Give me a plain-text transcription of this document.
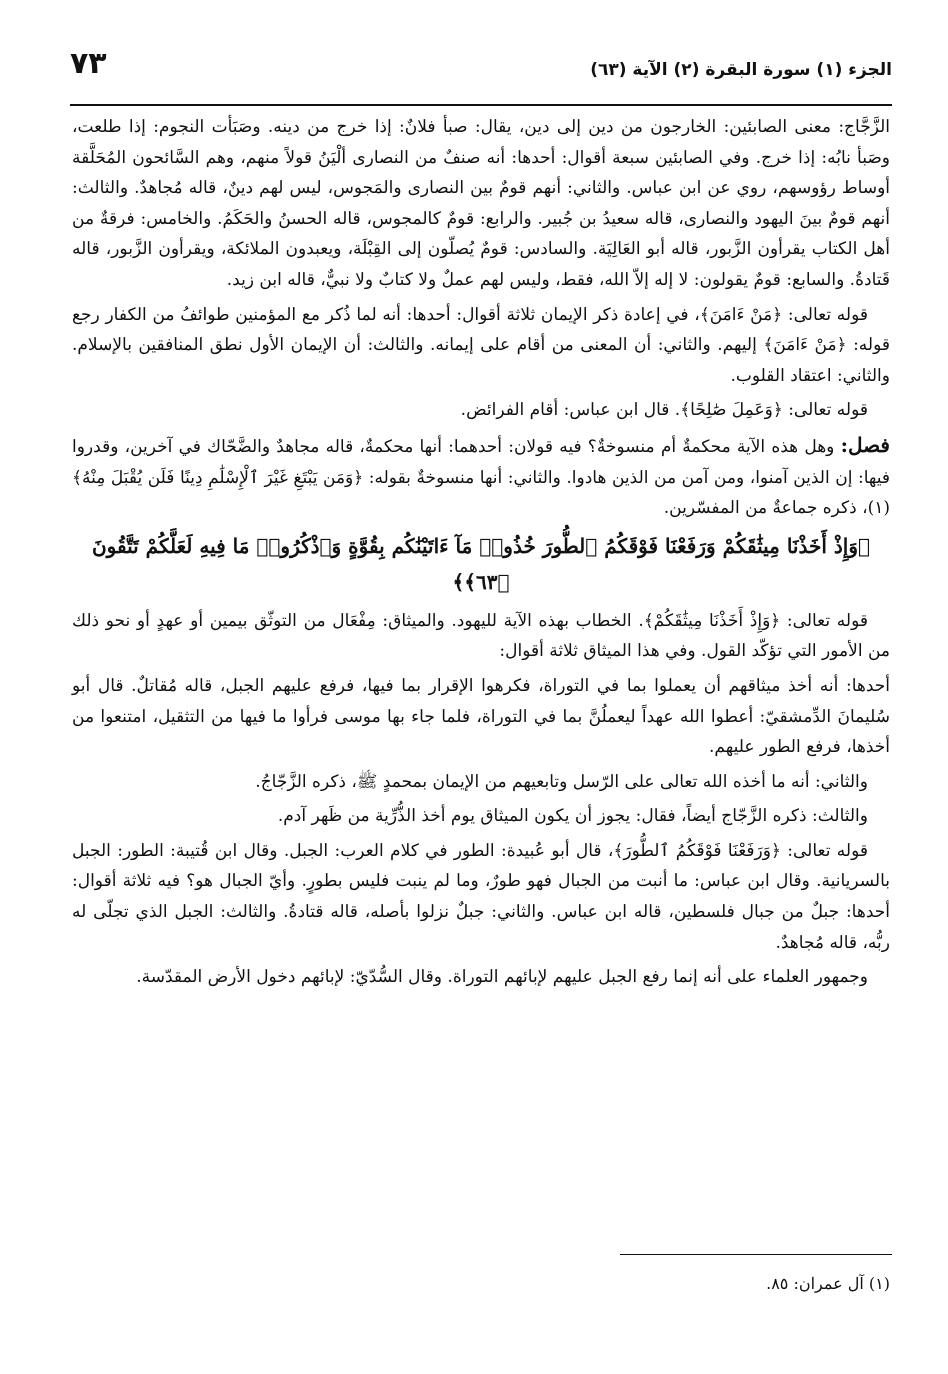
٧٣	الجزء (١) سورة البقرة (٢) الآية (٦٣)

الزَّجَّاج: معنى الصابئين: الخارجون من دين إلى دين، يقال: صبأ فلانٌ: إذا خرج من دينه. وصَبَأت النجوم: إذا طلعت، وصَبأ نابُه: إذا خرج. وفي الصابئين سبعة أقوال: أحدها: أنه صنفٌ من النصارى ألْيَنُ قولاً منهم، وهم السَّائحون المُحَلَّقة أوساط رؤوسهم، روي عن ابن عباس. والثاني: أنهم قومٌ بين النصارى والمَجوس، ليس لهم دينٌ، قاله مُجاهدٌ. والثالث: أنهم قومٌ بينَ اليهود والنصارى، قاله سعيدُ بن جُبير. والرابع: قومٌ كالمجوس، قاله الحسنُ والحَكَمُ. والخامس: فرقةٌ من أهل الكتاب يقرأون الزَّبور، قاله أبو العَالِيَة. والسادس: قومٌ يُصلّون إلى القِبْلَة، ويعبدون الملائكة، ويقرأون الزَّبور، قاله قَتادةُ. والسابع: قومٌ يقولون: لا إله إلاّ الله، فقط، وليس لهم عملٌ ولا كتابٌ ولا نبيٌّ، قاله ابن زيد.

قوله تعالى: ﴿مَنْ ءَامَنَ﴾، في إعادة ذكر الإيمان ثلاثة أقوال: أحدها: أنه لما ذُكر مع المؤمنين طوائفُ من الكفار رجع قوله: ﴿مَنْ ءَامَنَ﴾ إليهم. والثاني: أن المعنى من أقام على إيمانه. والثالث: أن الإيمان الأول نطق المنافقين بالإسلام. والثاني: اعتقاد القلوب.

قوله تعالى: ﴿وَعَمِلَ صَٰلِحًا﴾. قال ابن عباس: أقام الفرائض.

فصل: وهل هذه الآية محكمةٌ أم منسوخةٌ؟ فيه قولان: أحدهما: أنها محكمةٌ، قاله مجاهدٌ والضَّحّاك في آخرين، وقدروا فيها: إن الذين آمنوا، ومن آمن من الذين هادوا. والثاني: أنها منسوخةٌ بقوله: ﴿وَمَن يَبْتَغِ غَيْرَ ٱلْإِسْلَٰمِ دِينًا فَلَن يُقْبَلَ مِنْهُ﴾(١)، ذكره جماعةٌ من المفسّرين.

﴿وَإِذْ أَخَذْنَا مِيثَٰقَكُمْ وَرَفَعْنَا فَوْقَكُمُ ٱلطُّورَ خُذُوا۟ مَآ ءَاتَيْنَٰكُم بِقُوَّةٍ وَٱذْكُرُوا۟ مَا فِيهِ لَعَلَّكُمْ تَتَّقُونَ ﴿٦٣﴾﴾

قوله تعالى: ﴿وَإِذْ أَخَذْنَا مِيثَٰقَكُمْ﴾. الخطاب بهذه الآية لليهود. والميثاق: مِفْعَال من التوثّق بيمين أو عهدٍ أو نحو ذلك من الأمور التي تؤكّد القول. وفي هذا الميثاق ثلاثة أقوال:

أحدها: أنه أخذ ميثاقهم أن يعملوا بما في التوراة، فكرهوا الإقرار بما فيها، فرفع عليهم الجبل، قاله مُقاتلٌ. قال أبو سُليمانَ الدِّمشقيّ: أعطوا الله عهداً ليعملُنَّ بما في التوراة، فلما جاء بها موسى فرأوا ما فيها من التثقيل، امتنعوا من أخذها، فرفع الطور عليهم.

والثاني: أنه ما أخذه الله تعالى على الرّسل وتابعيهم من الإيمان بمحمدٍ ﷺ، ذكره الزَّجّاجُ.

والثالث: ذكره الزَّجّاج أيضاً، فقال: يجوز أن يكون الميثاق يوم أخذ الذُّرِّية من ظَهر آدم.

قوله تعالى: ﴿وَرَفَعْنَا فَوْقَكُمُ ٱلطُّورَ﴾، قال أبو عُبيدة: الطور في كلام العرب: الجبل. وقال ابن قُتيبة: الطور: الجبل بالسريانية. وقال ابن عباس: ما أنبت من الجبال فهو طورٌ، وما لم ينبت فليس بطورٍ. وأيّ الجبال هو؟ فيه ثلاثة أقوال: أحدها: جبلٌ من جبال فلسطين، قاله ابن عباس. والثاني: جبلٌ نزلوا بأصله، قاله قتادةُ. والثالث: الجبل الذي تجلّى له ربُّه، قاله مُجاهدٌ.

وجمهور العلماء على أنه إنما رفع الجبل عليهم لإبائهم التوراة. وقال السُّدّيّ: لإبائهم دخول الأرض المقدّسة.

(١) آل عمران: ٨٥.
